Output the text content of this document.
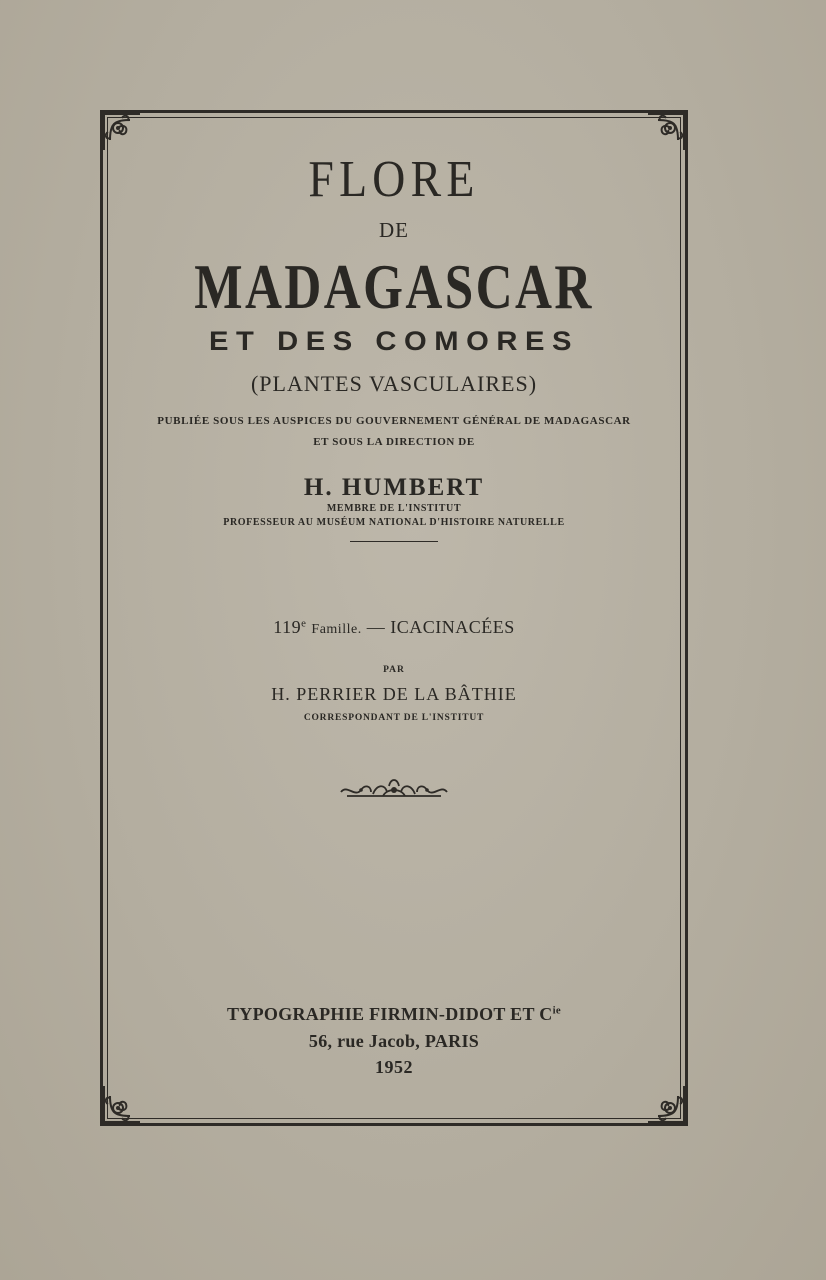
FLORE
DE
MADAGASCAR
ET DES COMORES
(PLANTES VASCULAIRES)
PUBLIÉE SOUS LES AUSPICES DU GOUVERNEMENT GÉNÉRAL DE MADAGASCAR
ET SOUS LA DIRECTION DE
H. HUMBERT
MEMBRE DE L'INSTITUT
PROFESSEUR AU MUSÉUM NATIONAL D'HISTOIRE NATURELLE
119e Famille. — ICACINACÉES
PAR
H. PERRIER DE LA BÂTHIE
CORRESPONDANT DE L'INSTITUT
TYPOGRAPHIE FIRMIN-DIDOT ET $C^{ie}$
56, rue Jacob, PARIS
1952
